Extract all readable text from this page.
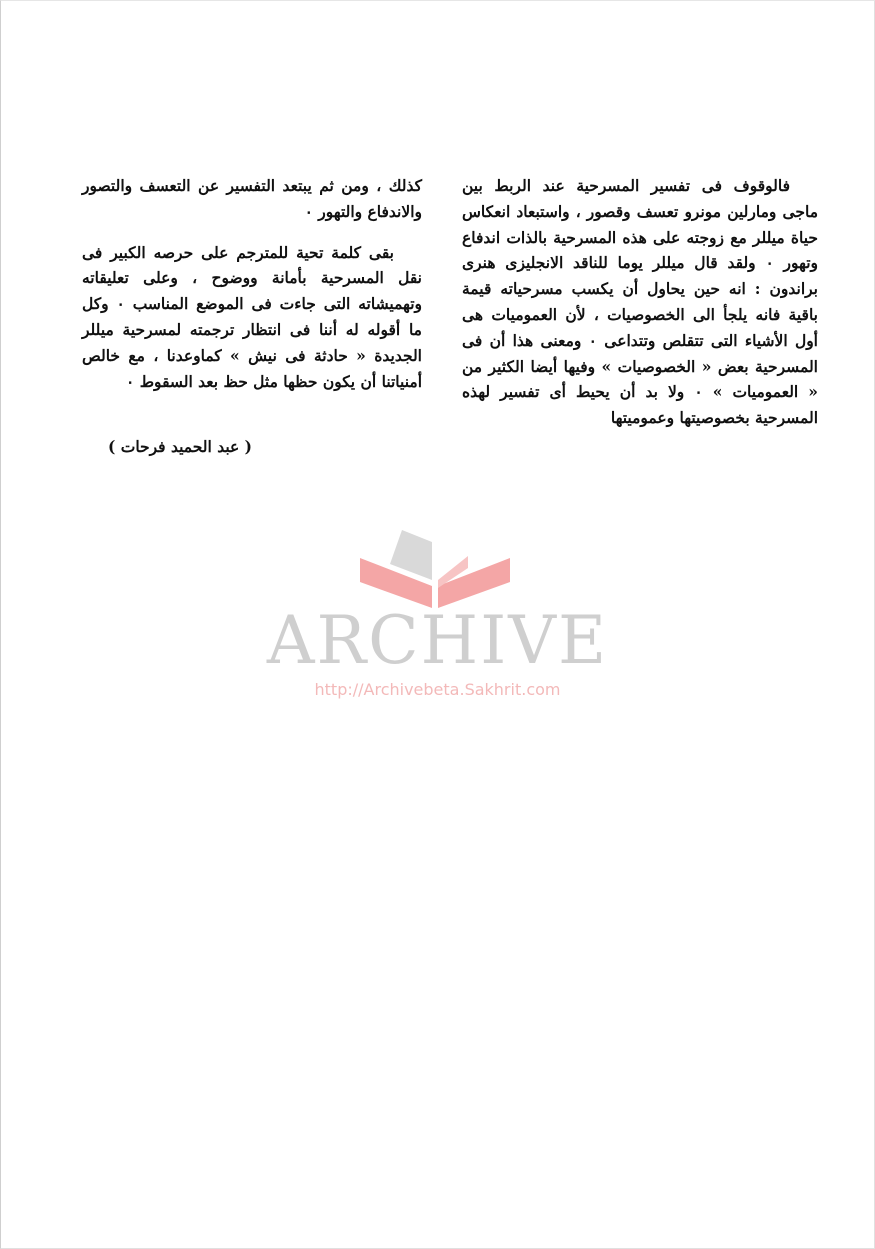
فالوقوف فى تفسير المسرحية عند الربط بين ماجى ومارلين مونرو تعسف وقصور ، واستبعاد انعكاس حياة ميللر مع زوجته على هذه المسرحية بالذات اندفاع وتهور ٠ ولقد قال ميللر يوما للناقد الانجليزى هنرى براندون : انه حين يحاول أن يكسب مسرحياته قيمة باقية فانه يلجأ الى الخصوصيات ، لأن العموميات هى أول الأشياء التى تتقلص وتتداعى ٠ ومعنى هذا أن فى المسرحية بعض « الخصوصيات » وفيها أيضا الكثير من « العموميات » ٠ ولا بد أن يحيط أى تفسير لهذه المسرحية بخصوصيتها وعموميتها

كذلك ، ومن ثم يبتعد التفسير عن التعسف والتصور والاندفاع والتهور ٠

بقى كلمة تحية للمترجم على حرصه الكبير فى نقل المسرحية بأمانة ووضوح ، وعلى تعليقاته وتهميشاته التى جاءت فى الموضع المناسب ٠ وكل ما أقوله له أننا فى انتظار ترجمته لمسرحية ميللر الجديدة « حادثة فى نيش » كماوعدنا ، مع خالص أمنياتنا أن يكون حظها مثل حظ بعد السقوط ٠

( عبد الحميد فرحات )
ARCHIVE
http://Archivebeta.Sakhrit.com
